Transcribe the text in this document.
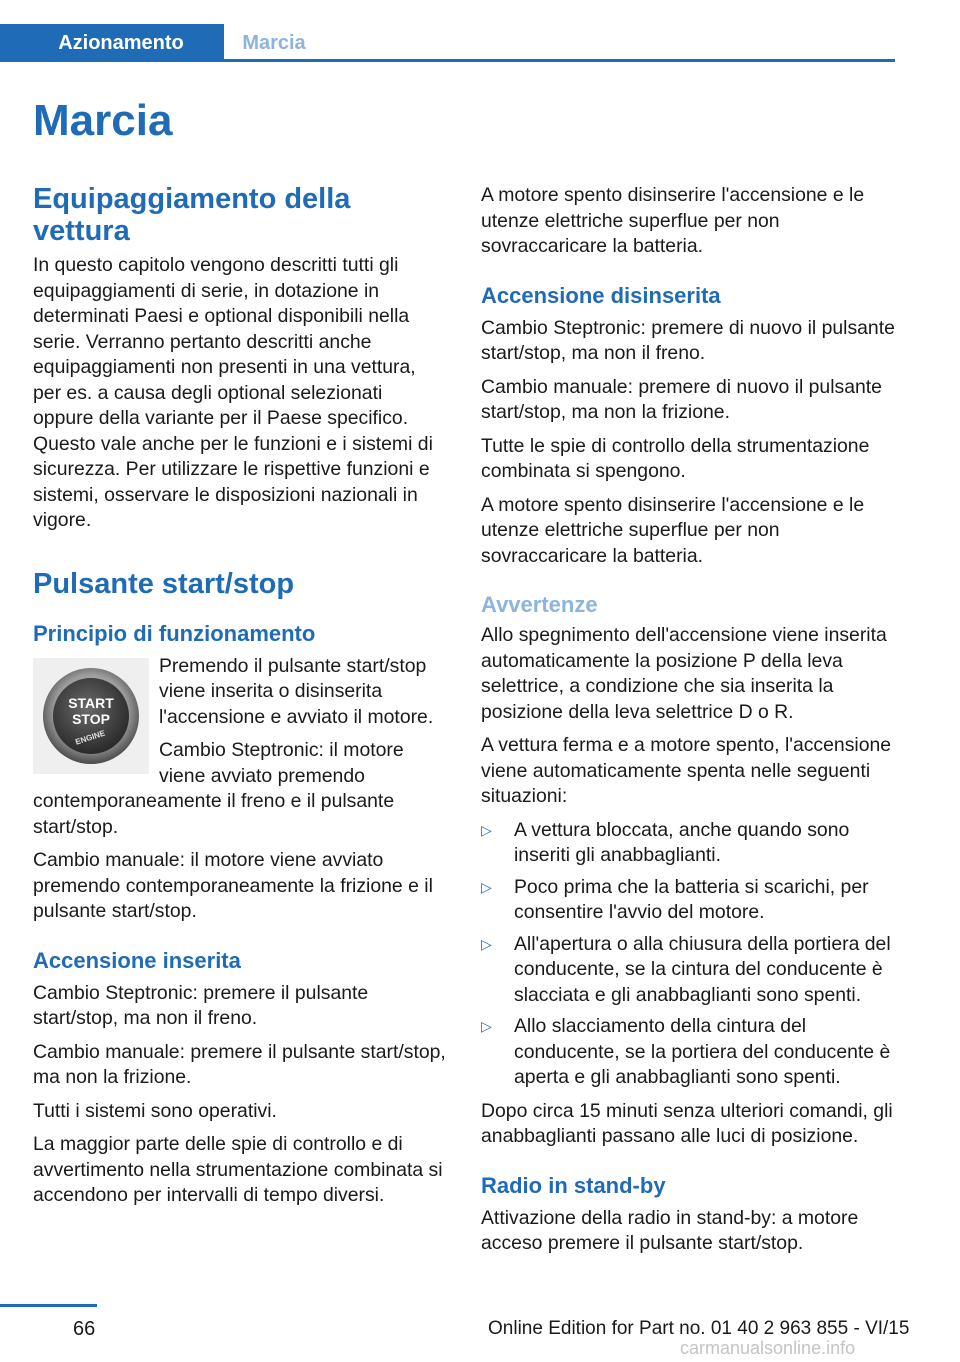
Azionamento	Marcia
Marcia
Equipaggiamento della vettura

In questo capitolo vengono descritti tutti gli equipaggiamenti di serie, in dotazione in determinati Paesi e optional disponibili nella serie. Verranno pertanto descritti anche equipaggiamenti non presenti in una vettura, per es. a causa degli optional selezionati oppure della variante per il Paese specifico. Questo vale anche per le funzioni e i sistemi di sicurezza. Per utilizzare le rispettive funzioni e sistemi, osservare le disposizioni nazionali in vigore.

Pulsante start/stop
Principio di funzionamento
START
STOP
ENGINE

Premendo il pulsante start/stop viene inserita o disinserita l'accensione e avviato il motore.

Cambio Steptronic: il motore viene avviato premendo contemporaneamente il freno e il pulsante start/stop.

Cambio manuale: il motore viene avviato premendo contemporaneamente la frizione e il pulsante start/stop.

Accensione inserita

Cambio Steptronic: premere il pulsante start/stop, ma non il freno.

Cambio manuale: premere il pulsante start/stop, ma non la frizione.

Tutti i sistemi sono operativi.

La maggior parte delle spie di controllo e di avvertimento nella strumentazione combinata si accendono per intervalli di tempo diversi.

A motore spento disinserire l'accensione e le utenze elettriche superflue per non sovraccaricare la batteria.

Accensione disinserita

Cambio Steptronic: premere di nuovo il pulsante start/stop, ma non il freno.

Cambio manuale: premere di nuovo il pulsante start/stop, ma non la frizione.

Tutte le spie di controllo della strumentazione combinata si spengono.

A motore spento disinserire l'accensione e le utenze elettriche superflue per non sovraccaricare la batteria.

Avvertenze

Allo spegnimento dell'accensione viene inserita automaticamente la posizione P della leva selettrice, a condizione che sia inserita la posizione della leva selettrice D o R.

A vettura ferma e a motore spento, l'accensione viene automaticamente spenta nelle seguenti situazioni:

▷ A vettura bloccata, anche quando sono inseriti gli anabbaglianti.
▷ Poco prima che la batteria si scarichi, per consentire l'avvio del motore.
▷ All'apertura o alla chiusura della portiera del conducente, se la cintura del conducente è slacciata e gli anabbaglianti sono spenti.
▷ Allo slacciamento della cintura del conducente, se la portiera del conducente è aperta e gli anabbaglianti sono spenti.

Dopo circa 15 minuti senza ulteriori comandi, gli anabbaglianti passano alle luci di posizione.

Radio in stand-by

Attivazione della radio in stand-by: a motore acceso premere il pulsante start/stop.

66	Online Edition for Part no. 01 40 2 963 855 - VI/15
carmanualsonline.info
